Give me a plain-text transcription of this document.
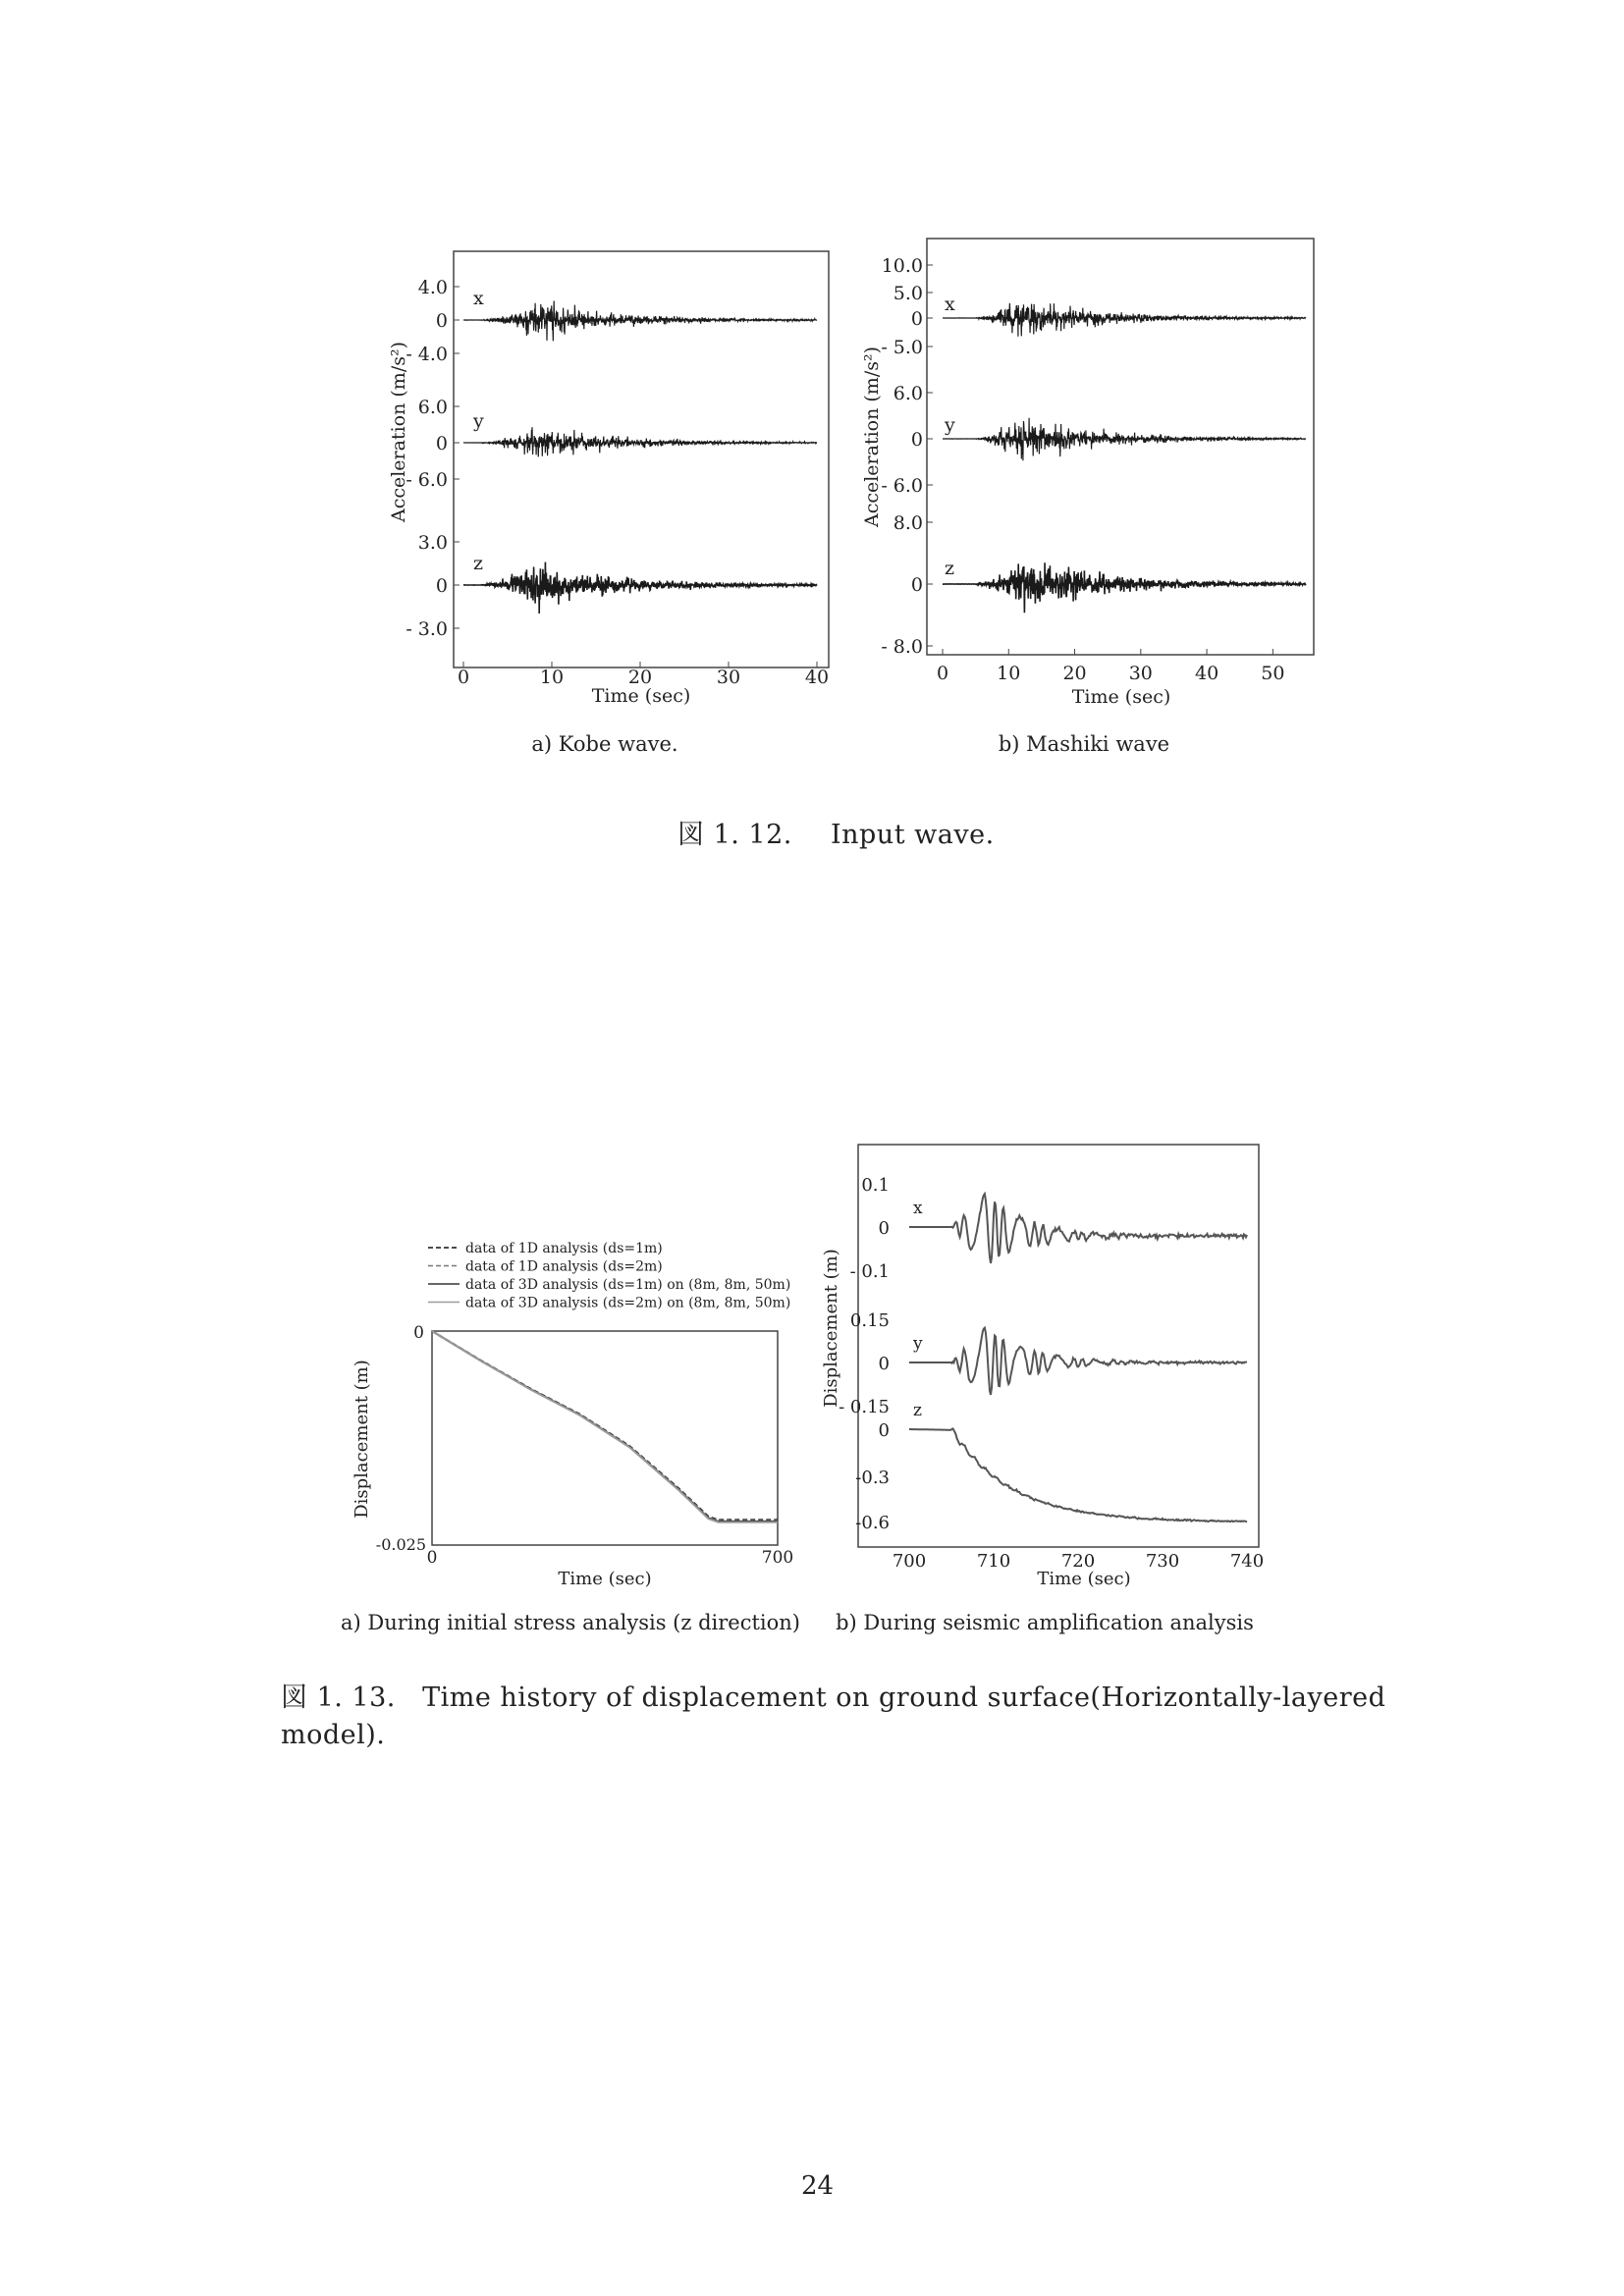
4.0
0
- 4.0
x
6.0
0
- 6.0
y
3.0
0
- 3.0
z
0	10	20	30	40
Acceleration (m/s²)
Time (sec)
a) Kobe wave.
10.0
5.0
0
- 5.0
x
6.0
0
- 6.0
y
8.0
0
- 8.0
z
0	10 20 30 40 50
Acceleration (m/s²)
Time (sec)
b) Mashiki wave
data of 1D analysis (ds=1m)
data of 1D analysis (ds=2m)
data of 3D analysis (ds=1m) on (8m, 8m, 50m)
data of 3D analysis (ds=2m) on (8m, 8m, 50m)
0
-0.025
0	700
Displacement (m)
Time (sec)
a) During initial stress analysis (z direction)
0.1
0
- 0.1
x
0.15
0
- 0.15
y
0
-0.3
-0.6
z
700	710	720	730	740
Displacement (m)
Time (sec)
b) During seismic amplification analysis
図 1. 12. Input wave.
図 1. 13.   Time history of displacement on ground surface(Horizontally-layered
model).
24
